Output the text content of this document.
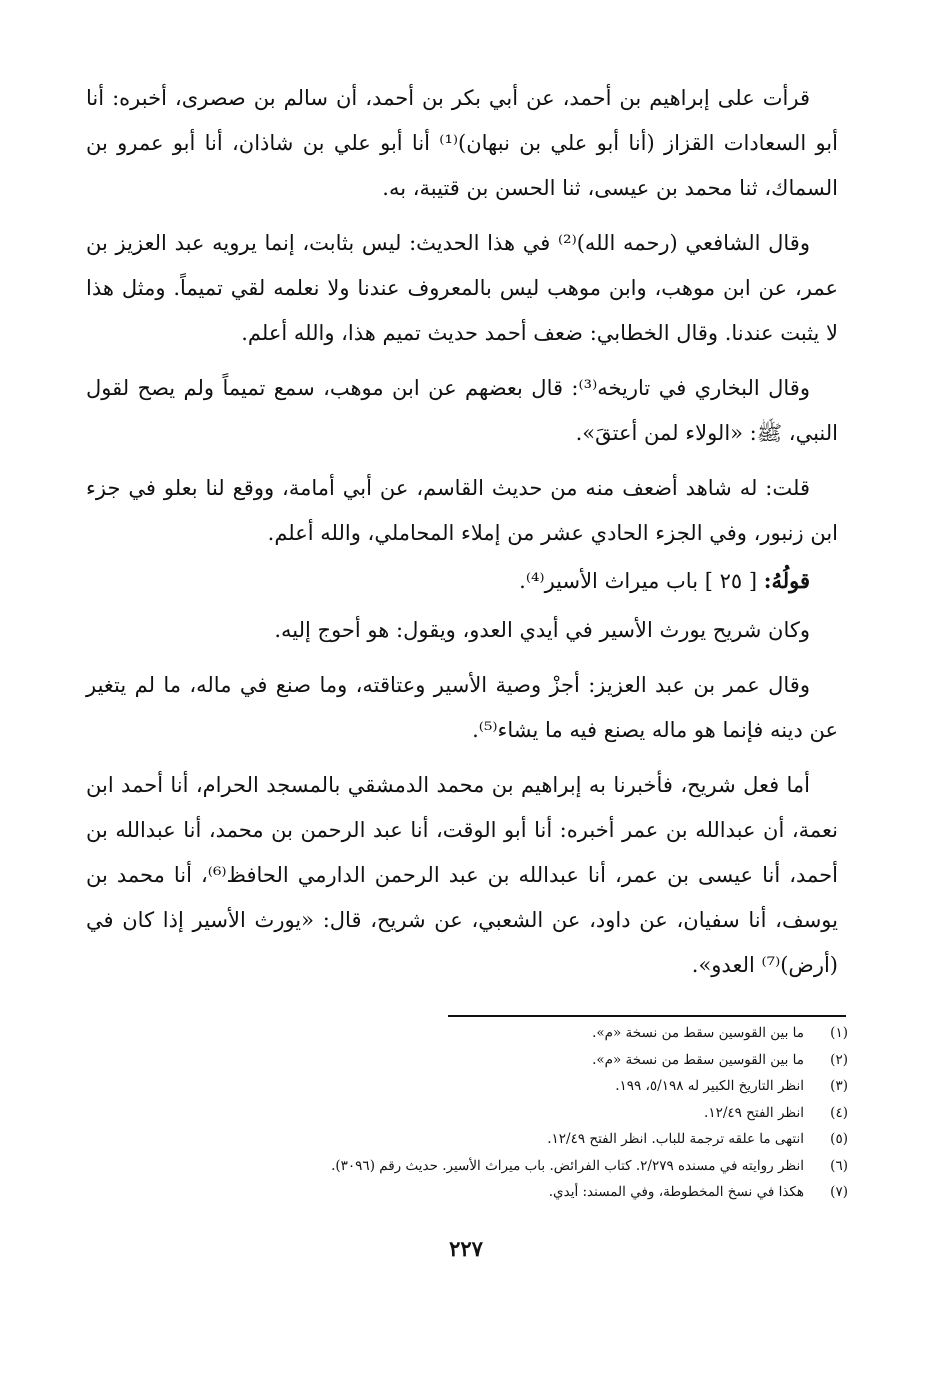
قرأت على إبراهيم بن أحمد، عن أبي بكر بن أحمد، أن سالم بن صصرى، أخبره: أنا أبو السعادات القزاز (أنا أبو علي بن نبهان)⁽¹⁾ أنا أبو علي بن شاذان، أنا أبو عمرو بن السماك، ثنا محمد بن عيسى، ثنا الحسن بن قتيبة، به.

وقال الشافعي (رحمه الله)⁽²⁾ في هذا الحديث: ليس بثابت، إنما يرويه عبد العزيز بن عمر، عن ابن موهب، وابن موهب ليس بالمعروف عندنا ولا نعلمه لقي تميماً. ومثل هذا لا يثبت عندنا. وقال الخطابي: ضعف أحمد حديث تميم هذا، والله أعلم.

وقال البخاري في تاريخه⁽³⁾: قال بعضهم عن ابن موهب، سمع تميماً ولم يصح لقول النبي، ﷺ: «الولاء لمن أعتقَ».

قلت: له شاهد أضعف منه من حديث القاسم، عن أبي أمامة، ووقع لنا بعلو في جزء ابن زنبور، وفي الجزء الحادي عشر من إملاء المحاملي، والله أعلم.

قولُهُ: [ ٢٥ ] باب ميراث الأسير⁽⁴⁾.

وكان شريح يورث الأسير في أيدي العدو، ويقول: هو أحوج إليه.

وقال عمر بن عبد العزيز: أجزْ وصية الأسير وعتاقته، وما صنع في ماله، ما لم يتغير عن دينه فإنما هو ماله يصنع فيه ما يشاء⁽⁵⁾.

أما فعل شريح، فأخبرنا به إبراهيم بن محمد الدمشقي بالمسجد الحرام، أنا أحمد ابن نعمة، أن عبدالله بن عمر أخبره: أنا أبو الوقت، أنا عبد الرحمن بن محمد، أنا عبدالله بن أحمد، أنا عيسى بن عمر، أنا عبدالله بن عبد الرحمن الدارمي الحافظ⁽⁶⁾، أنا محمد بن يوسف، أنا سفيان، عن داود، عن الشعبي، عن شريح، قال: «يورث الأسير إذا كان في (أرض)⁽⁷⁾ العدو».

(١)
ما بين القوسين سقط من نسخة «م».
(٢)
ما بين القوسين سقط من نسخة «م».
(٣)
انظر التاريخ الكبير له ٥/١٩٨، ١٩٩.
(٤)
انظر الفتح ١٢/٤٩.
(٥)
انتهى ما علقه ترجمة للباب. انظر الفتح ١٢/٤٩.
(٦)
انظر روايته في مسنده ٢/٢٧٩. كتاب الفرائض. باب ميراث الأسير. حديث رقم (٣٠٩٦).
(٧)
هكذا في نسخ المخطوطة، وفي المسند: أيدي.
٢٢٧
